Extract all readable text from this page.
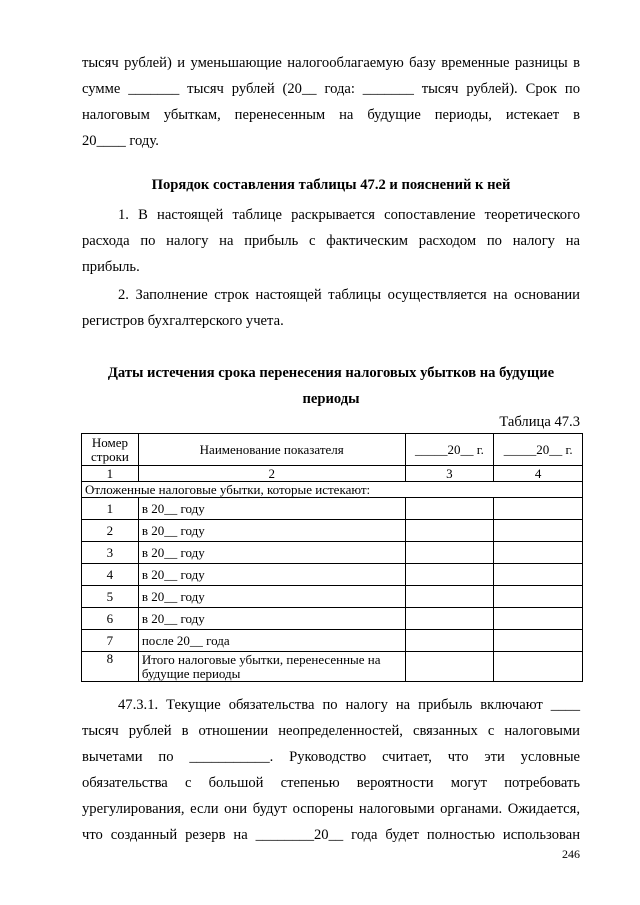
тысяч рублей) и уменьшающие налогооблагаемую базу временные разницы в
сумме _______ тысяч рублей (20__ года: _______ тысяч рублей). Срок по
налоговым убыткам, перенесенным на будущие периоды, истекает в
20____ году.
Порядок составления таблицы 47.2 и пояснений к ней
1. В настоящей таблице раскрывается сопоставление теоретического
расхода по налогу на прибыль с фактическим расходом по налогу на
прибыль.
2. Заполнение строк настоящей таблицы осуществляется на основании
регистров бухгалтерского учета.
Даты истечения срока перенесения налоговых убытков на будущие
периоды
Таблица 47.3
Номер строки	Наименование показателя	_____20__ г.	_____20__ г.
1	2	3	4
Отложенные налоговые убытки, которые истекают:			
1	в 20__ году		
2	в 20__ году		
3	в 20__ году		
4	в 20__ году		
5	в 20__ году		
6	в 20__ году		
7	после 20__ года		
8	Итого налоговые убытки, перенесенные на будущие периоды		
47.3.1. Текущие обязательства по налогу на прибыль включают ____
тысяч рублей в отношении неопределенностей, связанных с налоговыми
вычетами по ___________. Руководство считает, что эти условные
обязательства с большой степенью вероятности могут потребовать
урегулирования, если они будут оспорены налоговыми органами. Ожидается,
что созданный резерв на ________20__ года будет полностью использован
246
